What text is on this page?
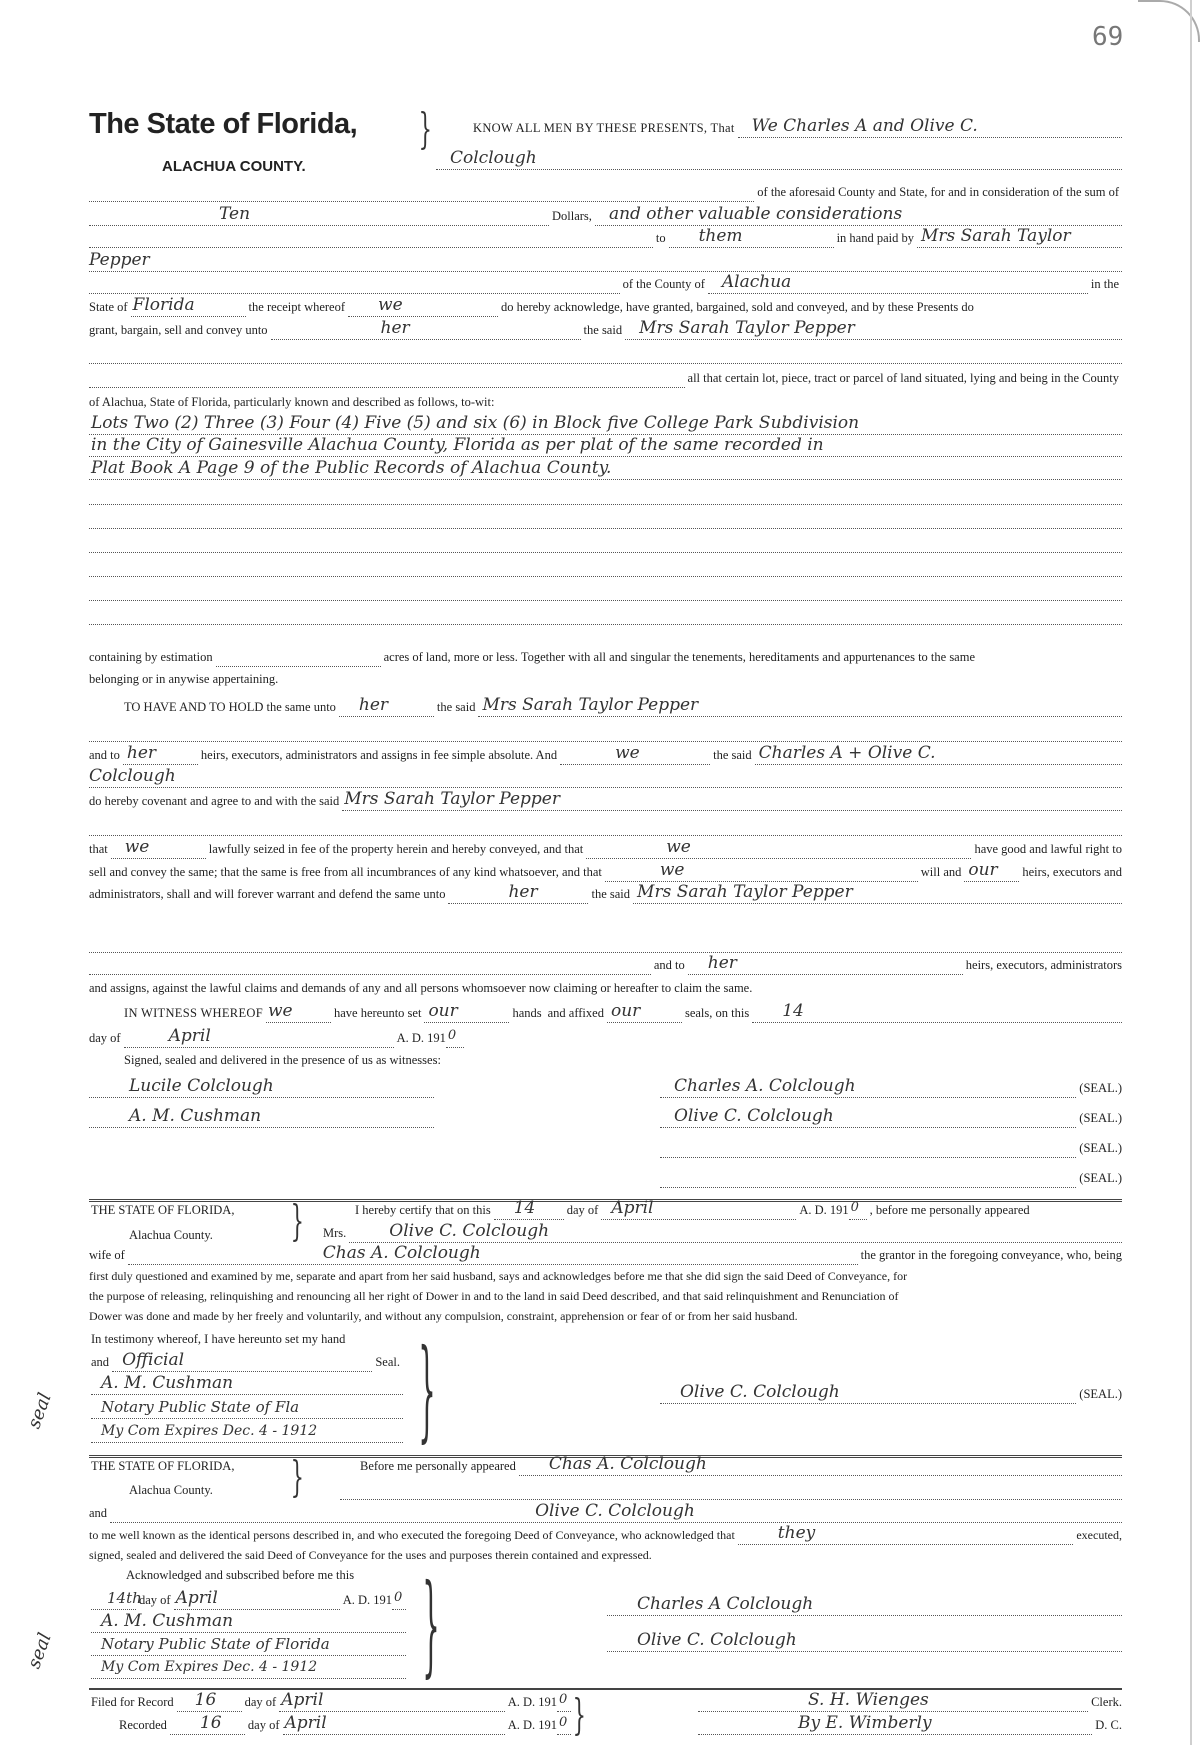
69
The State of Florida,
ALACHUA COUNTY.
}	KNOW ALL MEN BY THESE PRESENTS, That	We Charles A and Olive C.
Colclough
of the aforesaid County and State, for and in consideration of the sum of
Ten	Dollars,	and other valuable considerations
to	them	in hand paid by Mrs Sarah Taylor
Pepper
of the County of	Alachua	in the
State of Florida	the receipt whereof	we	do hereby acknowledge, have granted, bargained, sold and conveyed, and by these Presents do
grant, bargain, sell and convey unto	her	the said	Mrs Sarah Taylor Pepper
all that certain lot, piece, tract or parcel of land situated, lying and being in the County
of Alachua, State of Florida, particularly known and described as follows, to-wit:
Lots Two (2) Three (3) Four (4) Five (5) and six (6) in Block five College Park Subdivision
in the City of Gainesville Alachua County, Florida as per plat of the same recorded in
Plat Book A Page 9 of the Public Records of Alachua County.
containing by estimation	acres of land, more or less. Together with all and singular the tenements, hereditaments and appurtenances to the same
belonging or in anywise appertaining.
TO HAVE AND TO HOLD the same unto	her	the said Mrs Sarah Taylor Pepper
and to her	heirs, executors, administrators and assigns in fee simple absolute. And	we	the said Charles A + Olive C.
Colclough
do hereby covenant and agree to and with the said Mrs Sarah Taylor Pepper
that	we	lawfully seized in fee of the property herein and hereby conveyed, and that	we	have good and lawful right to
sell and convey the same; that the same is free from all incumbrances of any kind whatsoever, and that	we	will and our heirs, executors and
administrators, shall and will forever warrant and defend the same unto	her	the said Mrs Sarah Taylor Pepper
and to	her	heirs, executors, administrators
and assigns, against the lawful claims and demands of any and all persons whomsoever now claiming or hereafter to claim the same.
IN WITNESS WHEREOF we	have hereunto set our	hands and affixed our	seals, on this	14
day of	April	A. D. 191 0
Signed, sealed and delivered in the presence of us as witnesses:
Lucile Colclough
A. M. Cushman
Charles A. Colclough	(SEAL.)
Olive C. Colclough	(SEAL.)
(SEAL.)
(SEAL.)
THE STATE OF FLORIDA,
Alachua County. }	I hereby certify that on this	14	day of April	A. D. 191 0 , before me personally appeared
Mrs.	Olive C. Colclough
wife of	Chas A. Colclough	the grantor in the foregoing conveyance, who, being
first duly questioned and examined by me, separate and apart from her said husband, says and acknowledges before me that she did sign the said Deed of Conveyance, for
the purpose of releasing, relinquishing and renouncing all her right of Dower in and to the land in said Deed described, and that said relinquishment and Renunciation of
Dower was done and made by her freely and voluntarily, and without any compulsion, constraint, apprehension or fear of or from her said husband.
In testimony whereof, I have hereunto set my hand
and Official	Seal.
A. M. Cushman
Notary Public State of Fla
My Com Expires Dec. 4 - 1912 }
seal	Olive C. Colclough	(SEAL.)
THE STATE OF FLORIDA,
Alachua County. }	Before me personally appeared	Chas A. Colclough
and	Olive C. Colclough
to me well known as the identical persons described in, and who executed the foregoing Deed of Conveyance, who acknowledged that	they	executed,
signed, sealed and delivered the said Deed of Conveyance for the uses and purposes therein contained and expressed.
Acknowledged and subscribed before me this
14th
day of April	A. D. 191 0
A. M. Cushman
Notary Public State of Florida
My Com Expires Dec. 4 - 1912 }
seal
Charles A Colclough
Olive C. Colclough
Filed for Record	16 day of April	A. D. 191 0
Recorded	16 day of April	A. D. 191 0 }	S. H. Wienges	Clerk.
By E. Wimberly	D. C.
